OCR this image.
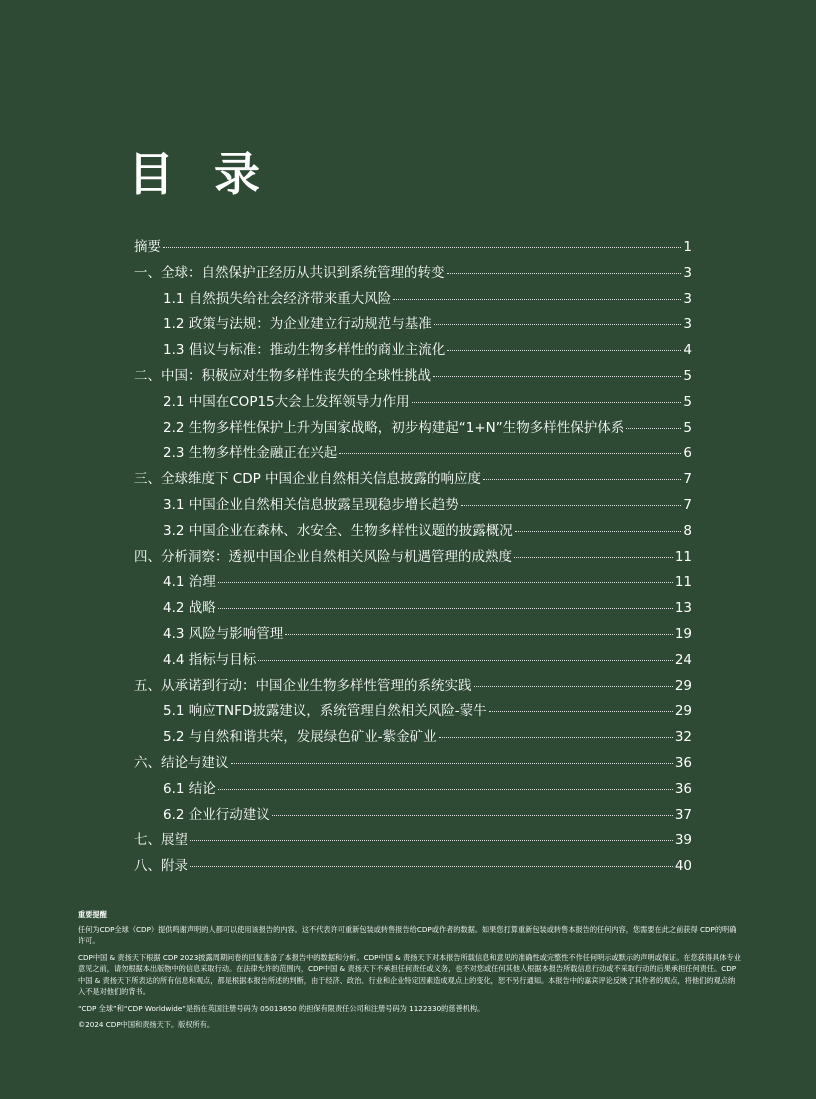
目 录
摘要	1
一、全球：自然保护正经历从共识到系统管理的转变	3
1.1 自然损失给社会经济带来重大风险	3
1.2 政策与法规：为企业建立行动规范与基准	3
1.3 倡议与标准：推动生物多样性的商业主流化	4
二、中国：积极应对生物多样性丧失的全球性挑战	5
2.1 中国在COP15大会上发挥领导力作用	5
2.2 生物多样性保护上升为国家战略，初步构建起“1+N”生物多样性保护体系	5
2.3 生物多样性金融正在兴起	6
三、全球维度下 CDP 中国企业自然相关信息披露的响应度	7
3.1 中国企业自然相关信息披露呈现稳步增长趋势	7
3.2 中国企业在森林、水安全、生物多样性议题的披露概况	8
四、分析洞察：透视中国企业自然相关风险与机遇管理的成熟度	11
4.1 治理	11
4.2 战略	13
4.3 风险与影响管理	19
4.4 指标与目标	24
五、从承诺到行动：中国企业生物多样性管理的系统实践	29
5.1 响应TNFD披露建议，系统管理自然相关风险-蒙牛	29
5.2 与自然和谐共荣，发展绿色矿业-紫金矿业	32
六、结论与建议	36
6.1 结论	36
6.2 企业行动建议	37
七、展望	39
八、附录	40

重要提醒

任何为CDP全球（CDP）提供鸣谢声明的人都可以使用该报告的内容。这不代表许可重新包装或转售报告给CDP或作者的数据。如果您打算重新包装或转售本报告的任何内容，您需要在此之前获得 CDP的明确许可。

CDP中国 & 责扬天下根据 CDP 2023披露周期问卷的回复准备了本报告中的数据和分析。CDP中国 & 责扬天下对本报告所载信息和意见的准确性或完整性不作任何明示或默示的声明或保证。在您获得具体专业意见之前，请勿根据本出版物中的信息采取行动。在法律允许的范围内，CDP中国 & 责扬天下不承担任何责任或义务，也不对您或任何其他人根据本报告所载信息行动或不采取行动的后果承担任何责任。CDP中国 & 责扬天下所表达的所有信息和观点，都是根据本报告所述的判断，由于经济、政治、行业和企业特定因素造成观点上的变化，恕不另行通知。本报告中的嘉宾评论反映了其作者的观点，将他们的观点纳入不是对他们的背书。

“CDP 全球”和“CDP Worldwide”是指在英国注册号码为 05013650 的担保有限责任公司和注册号码为 1122330的慈善机构。

©2024 CDP中国和责扬天下。版权所有。
